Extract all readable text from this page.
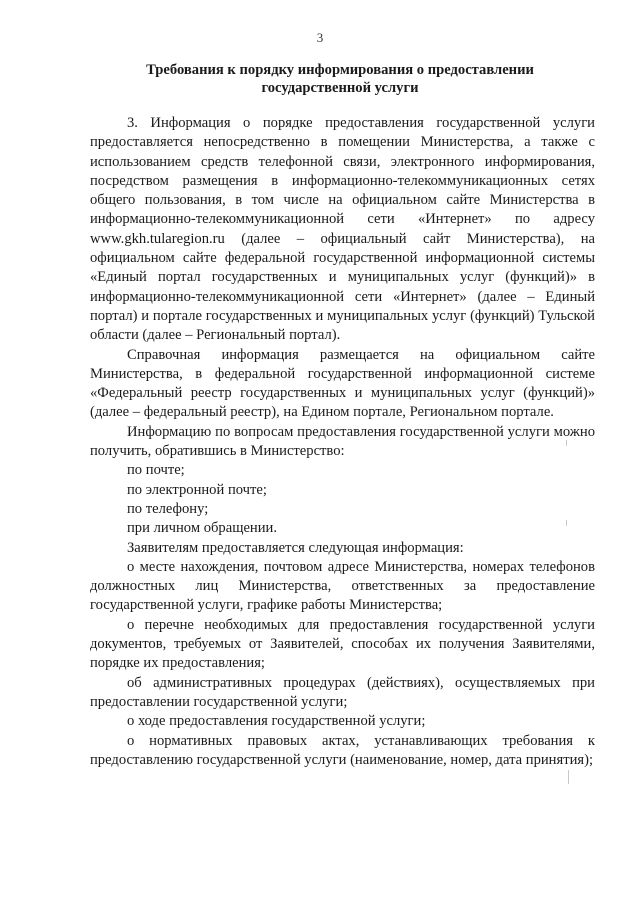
3
Требования к порядку информирования о предоставлении
государственной услуги

3. Информация о порядке предоставления государственной услуги предоставляется непосредственно в помещении Министерства, а также с использованием средств телефонной связи, электронного информирования, посредством размещения в информационно-телекоммуникационных сетях общего пользования, в том числе на официальном сайте Министерства в информационно-телекоммуникационной сети «Интернет» по адресу www.gkh.tularegion.ru (далее – официальный сайт Министерства), на официальном сайте федеральной государственной информационной системы «Единый портал государственных и муниципальных услуг (функций)» в информационно-телекоммуникационной сети «Интернет» (далее – Единый портал) и портале государственных и муниципальных услуг (функций) Тульской области (далее – Региональный портал).

Справочная информация размещается на официальном сайте Министерства, в федеральной государственной информационной системе «Федеральный реестр государственных и муниципальных услуг (функций)» (далее – федеральный реестр), на Едином портале, Региональном портале.

Информацию по вопросам предоставления государственной услуги можно получить, обратившись в Министерство:

по почте;

по электронной почте;

по телефону;

при личном обращении.

Заявителям предоставляется следующая информация:

о месте нахождения, почтовом адресе Министерства, номерах телефонов должностных лиц Министерства, ответственных за предоставление государственной услуги, графике работы Министерства;

о перечне необходимых для предоставления государственной услуги документов, требуемых от Заявителей, способах их получения Заявителями, порядке их предоставления;

об административных процедурах (действиях), осуществляемых при предоставлении государственной услуги;

о ходе предоставления государственной услуги;

о нормативных правовых актах, устанавливающих требования к предоставлению государственной услуги (наименование, номер, дата принятия);
